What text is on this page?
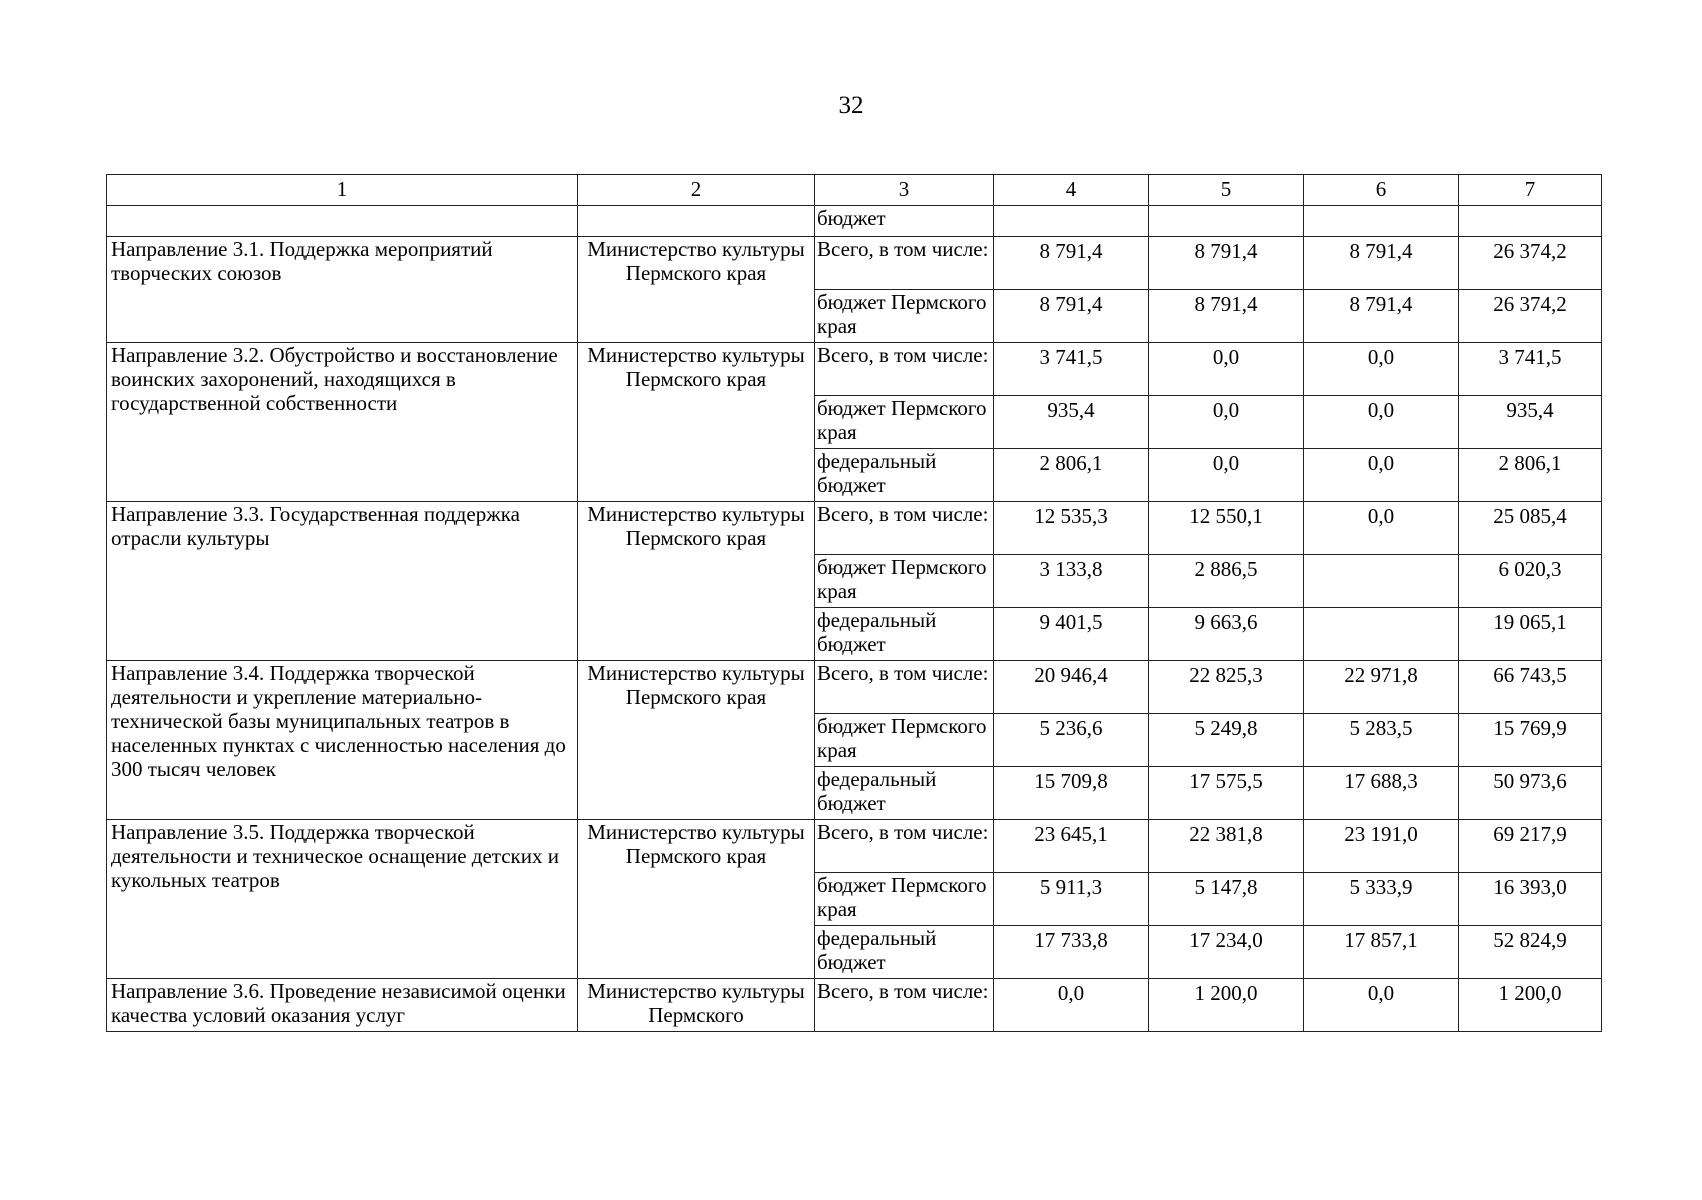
32
1	2	3	4	5	6	7
		бюджет				
Направление 3.1. Поддержка мероприятий творческих союзов	Министерство культуры Пермского края	Всего, в том числе:	8 791,4	8 791,4	8 791,4	26 374,2
		бюджет Пермского края	8 791,4	8 791,4	8 791,4	26 374,2
Направление 3.2. Обустройство и восстановление воинских захоронений, находящихся в государственной собственности	Министерство культуры Пермского края	Всего, в том числе:	3 741,5	0,0	0,0	3 741,5
		бюджет Пермского края	935,4	0,0	0,0	935,4
		федеральный бюджет	2 806,1	0,0	0,0	2 806,1
Направление 3.3. Государственная поддержка отрасли культуры	Министерство культуры Пермского края	Всего, в том числе:	12 535,3	12 550,1	0,0	25 085,4
		бюджет Пермского края	3 133,8	2 886,5		6 020,3
		федеральный бюджет	9 401,5	9 663,6		19 065,1
Направление 3.4. Поддержка творческой деятельности и укрепление материально-технической базы муниципальных театров в населенных пунктах с численностью населения до 300 тысяч человек	Министерство культуры Пермского края	Всего, в том числе:	20 946,4	22 825,3	22 971,8	66 743,5
		бюджет Пермского края	5 236,6	5 249,8	5 283,5	15 769,9
		федеральный бюджет	15 709,8	17 575,5	17 688,3	50 973,6
Направление 3.5. Поддержка творческой деятельности и техническое оснащение детских и кукольных театров	Министерство культуры Пермского края	Всего, в том числе:	23 645,1	22 381,8	23 191,0	69 217,9
		бюджет Пермского края	5 911,3	5 147,8	5 333,9	16 393,0
		федеральный бюджет	17 733,8	17 234,0	17 857,1	52 824,9
Направление 3.6. Проведение независимой оценки качества условий оказания услуг	Министерство культуры Пермского	Всего, в том числе:	0,0	1 200,0	0,0	1 200,0
